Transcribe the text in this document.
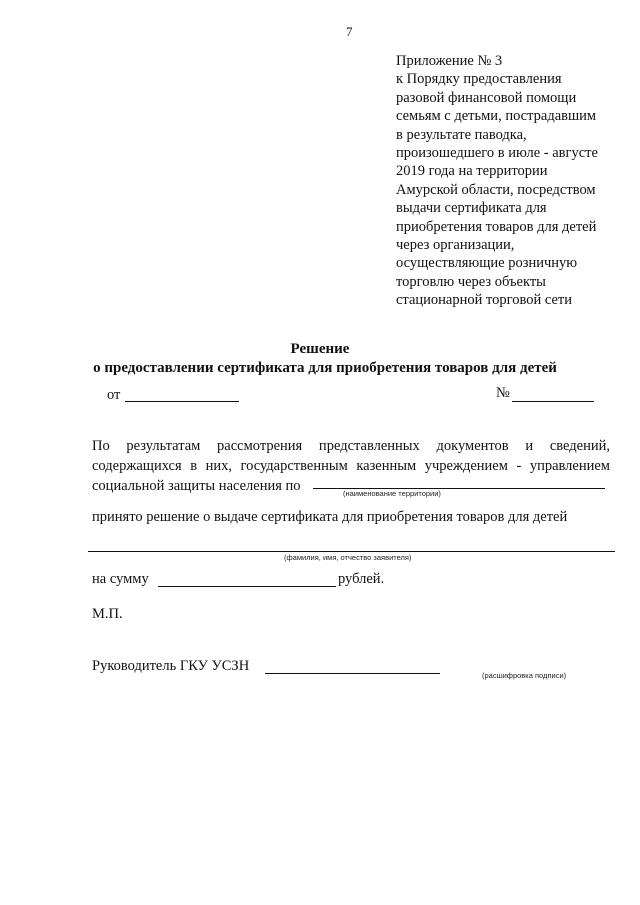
7
Приложение № 3
к Порядку предоставления
разовой финансовой помощи
семьям с детьми, пострадавшим
в результате паводка,
произошедшего в июле - августе
2019 года на территории
Амурской области, посредством
выдачи сертификата для
приобретения товаров для детей
через организации,
осуществляющие розничную
торговлю через объекты
стационарной торговой сети
Решение
о предоставлении сертификата для приобретения товаров для детей
от	№
По результатам рассмотрения представленных документов и сведений,
содержащихся в них, государственным казенным учреждением - управлением
социальной защиты населения по	(наименование территории)
принято решение о выдаче сертификата для приобретения товаров для детей
(фамилия, имя, отчество заявителя)
на сумму	рублей.
М.П.
Руководитель ГКУ УСЗН
(расшифровка подписи)
